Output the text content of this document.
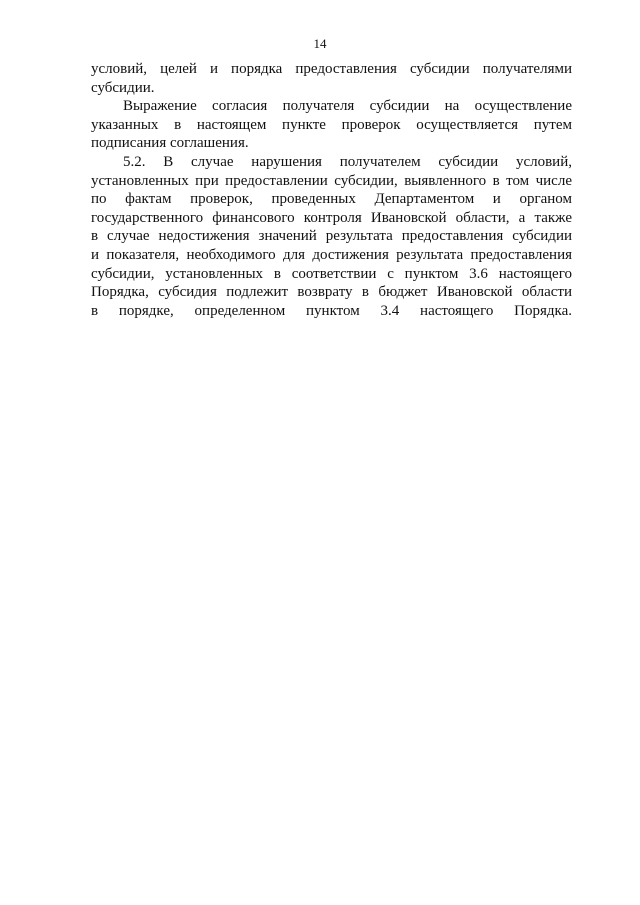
14
условий, целей и порядка предоставления субсидии получателями
субсидии.
Выражение согласия получателя субсидии на осуществление
указанных в настоящем пункте проверок осуществляется путем
подписания соглашения.
5.2. В случае нарушения получателем субсидии условий,
установленных при предоставлении субсидии, выявленного в том числе
по фактам проверок, проведенных Департаментом и органом
государственного финансового контроля Ивановской области, а также
в случае недостижения значений результата предоставления субсидии
и показателя, необходимого для достижения результата предоставления
субсидии, установленных в соответствии с пунктом 3.6 настоящего
Порядка, субсидия подлежит возврату в бюджет Ивановской области
в порядке, определенном пунктом 3.4 настоящего Порядка.
